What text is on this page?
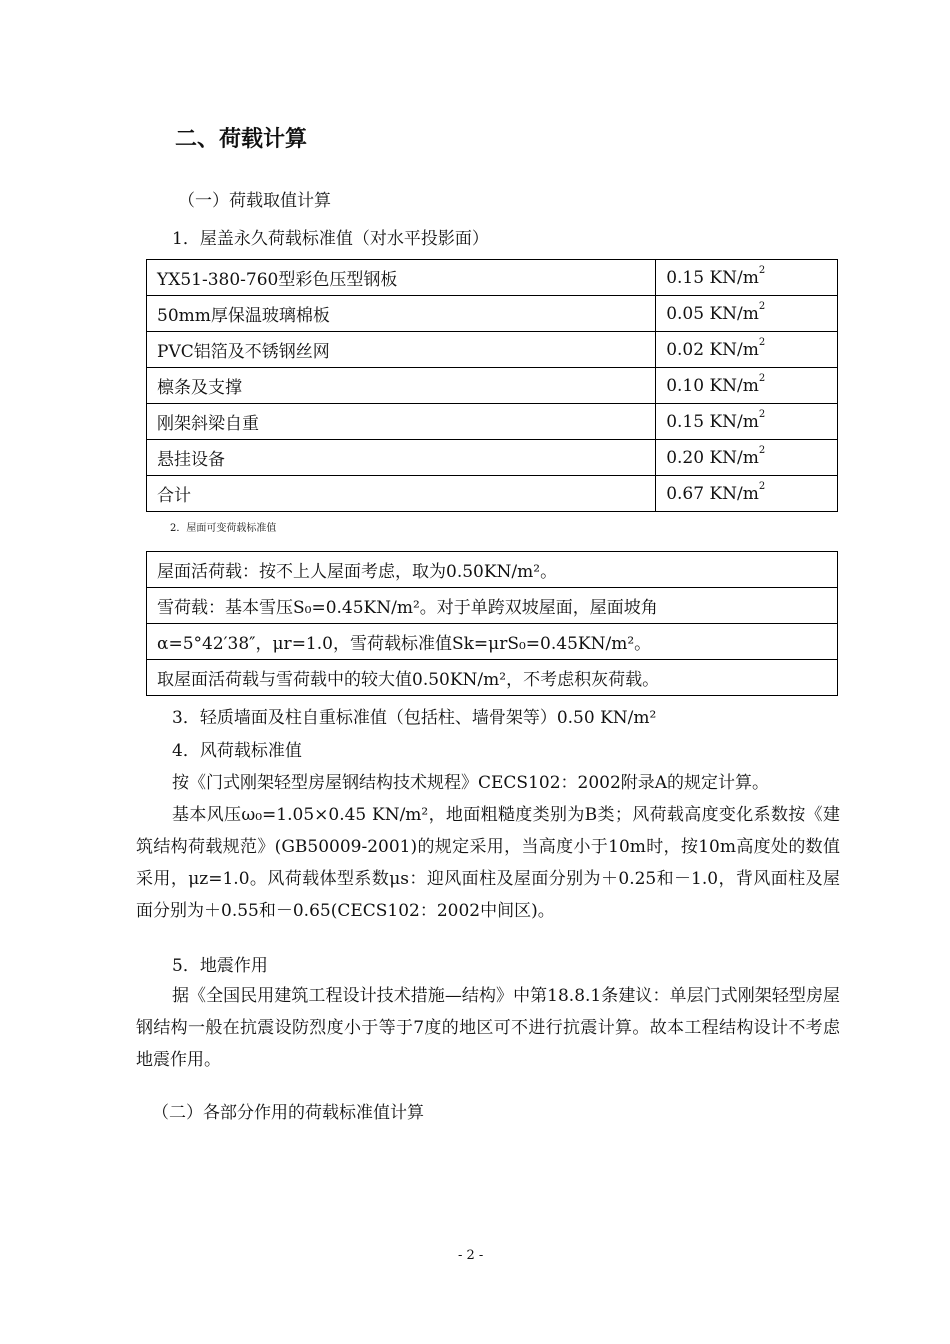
二、荷载计算
（一）荷载取值计算
1．屋盖永久荷载标准值（对水平投影面）
YX51-380-760型彩色压型钢板	0.15 $KN/m^2$
50mm厚保温玻璃棉板	0.05 $KN/m^2$
PVC铝箔及不锈钢丝网	0.02 $KN/m^2$
檩条及支撑	0.10 $KN/m^2$
刚架斜梁自重	0.15 $KN/m^2$
悬挂设备	0.20 $KN/m^2$
合计	0.67 $KN/m^2$
2．屋面可变荷载标准值
屋面活荷载：按不上人屋面考虑，取为0.50KN/m²。
雪荷载：基本雪压S₀=0.45KN/m²。对于单跨双坡屋面，屋面坡角
α=5°42′38″，μr=1.0，雪荷载标准值Sk=μrS₀=0.45KN/m²。
取屋面活荷载与雪荷载中的较大值0.50KN/m²，不考虑积灰荷载。
3．轻质墙面及柱自重标准值（包括柱、墙骨架等）0.50 KN/m²
4．风荷载标准值
按《门式刚架轻型房屋钢结构技术规程》CECS102：2002附录A的规定计算。
基本风压ω₀=1.05×0.45 KN/m²，地面粗糙度类别为B类；风荷载高度变化系数按《建筑结构荷载规范》(GB50009-2001)的规定采用，当高度小于10m时，按10m高度处的数值采用，μz=1.0。风荷载体型系数μs：迎风面柱及屋面分别为＋0.25和－1.0，背风面柱及屋面分别为＋0.55和－0.65(CECS102：2002中间区)。
5．地震作用
据《全国民用建筑工程设计技术措施—结构》中第18.8.1条建议：单层门式刚架轻型房屋钢结构一般在抗震设防烈度小于等于7度的地区可不进行抗震计算。故本工程结构设计不考虑地震作用。
（二）各部分作用的荷载标准值计算
- 2 -
